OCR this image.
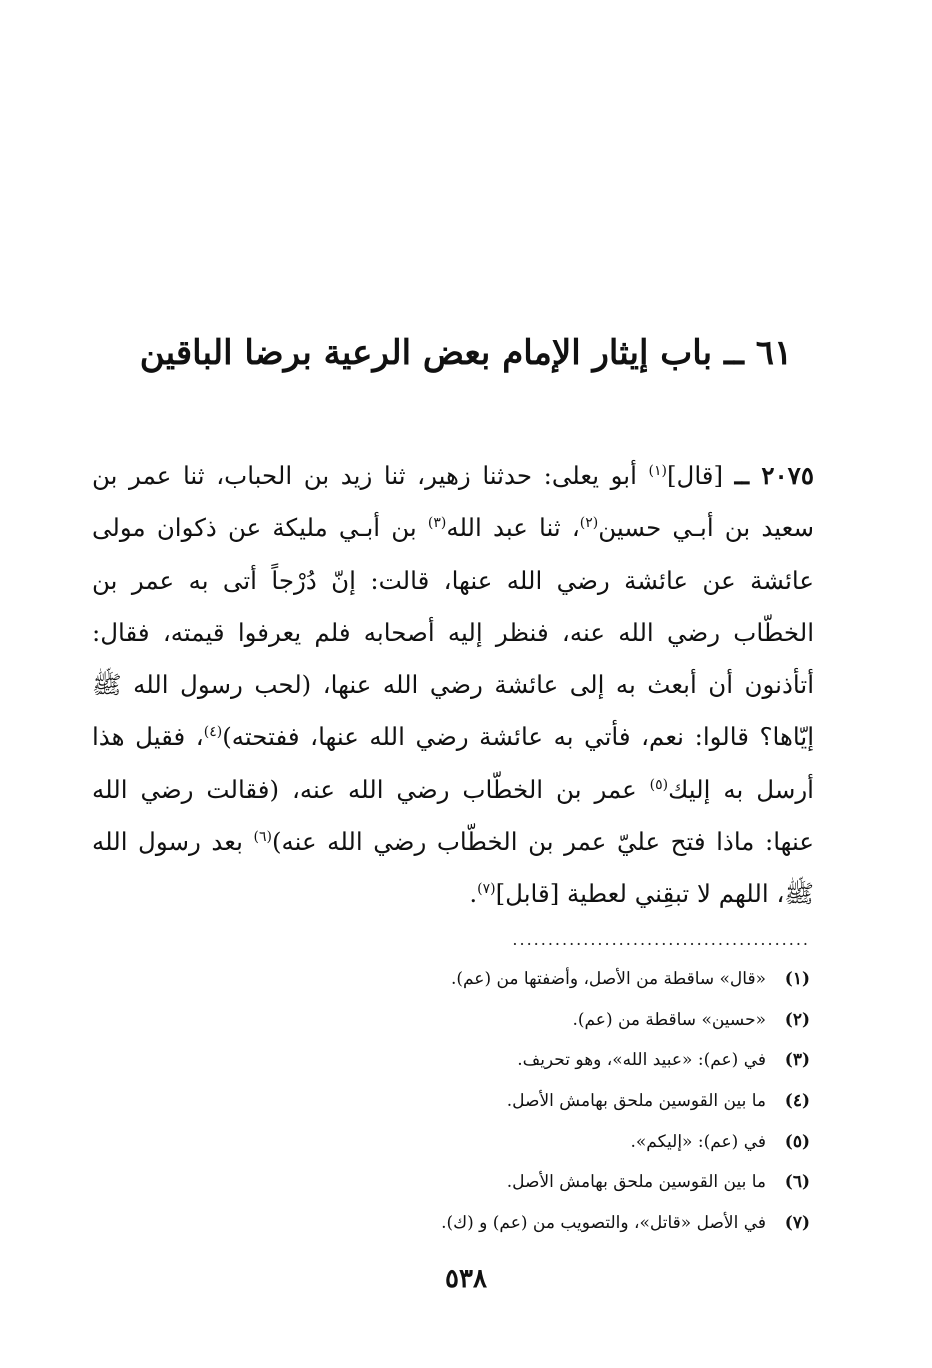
٦١ ــ باب إيثار الإمام بعض الرعية برضا الباقين

٢٠٧٥ ــ [قال]$^{(١)}$ أبو يعلى: حدثنا زهير، ثنا زيد بن الحباب، ثنا عمر بن سعيد بن أبـي حسين$^{(٢)}$، ثنا عبد الله$^{(٣)}$ بن أبـي مليكة عن ذكوان مولى عائشة عن عائشة رضي الله عنها، قالت: إنّ دُرْجاً أتى به عمر بن الخطّاب رضي الله عنه، فنظر إليه أصحابه فلم يعرفوا قيمته، فقال: أتأذنون أن أبعث به إلى عائشة رضي الله عنها، (لحب رسول الله ﷺ إيّاها؟ قالوا: نعم، فأتي به عائشة رضي الله عنها، ففتحته)$^{(٤)}$، فقيل هذا أرسل به إليك$^{(٥)}$ عمر بن الخطّاب رضي الله عنه، (فقالت رضي الله عنها: ماذا فتح عليّ عمر بن الخطّاب رضي الله عنه)$^{(٦)}$ بعد رسول الله ﷺ، اللهم لا تبقِني لعطية [قابل]$^{(٧)}$.

..........................................
(١)
«قال» ساقطة من الأصل، وأضفتها من (عم).
(٢)
«حسين» ساقطة من (عم).
(٣)
في (عم): «عبيد الله»، وهو تحريف.
(٤)
ما بين القوسين ملحق بهامش الأصل.
(٥)
في (عم): «إليكم».
(٦)
ما بين القوسين ملحق بهامش الأصل.
(٧)
في الأصل «قاتل»، والتصويب من (عم) و (ك).
٥٣٨
